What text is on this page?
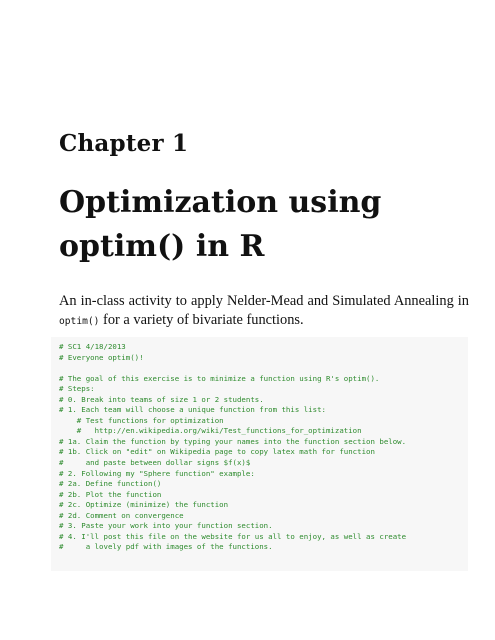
Chapter 1
Optimization using
optim() in R
An in-class activity to apply Nelder-Mead and Simulated Annealing in
optim() for a variety of bivariate functions.
# SC1 4/18/2013
# Everyone optim()!
# The goal of this exercise is to minimize a function using R's optim().
# Steps:
# 0. Break into teams of size 1 or 2 students.
# 1. Each team will choose a unique function from this list:
# Test functions for optimization
#   http://en.wikipedia.org/wiki/Test_functions_for_optimization
# 1a. Claim the function by typing your names into the function section below.
# 1b. Click on "edit" on Wikipedia page to copy latex math for function
#     and paste between dollar signs $f(x)$
# 2. Following my "Sphere function" example:
# 2a. Define function()
# 2b. Plot the function
# 2c. Optimize (minimize) the function
# 2d. Comment on convergence
# 3. Paste your work into your function section.
# 4. I'll post this file on the website for us all to enjoy, as well as create
#     a lovely pdf with images of the functions.
